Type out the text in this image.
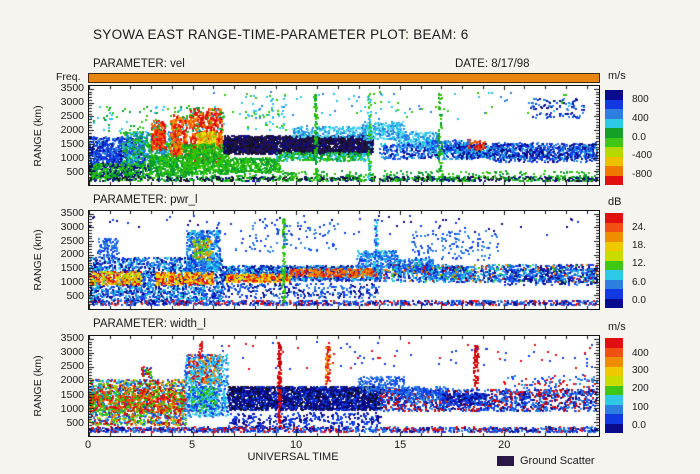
SYOWA EAST RANGE-TIME-PARAMETER PLOT: BEAM: 6
PARAMETER: vel	DATE: 8/17/98
Freq.
PARAMETER: pwr_l
PARAMETER: width_l
UNIVERSAL TIME	Ground Scatter
3500
3000
2500
2000
1500
1000
500
RANGE (km)
800
400
0.0
-400
-800
m/s
3500
3000
2500
2000
1500
1000
500
RANGE (km)
24.
18.
12.
6.0
0.0
dB
3500
3000
2500
2000
1500
1000
500
RANGE (km)
400
300
200
100
0.0
m/s
0	5	10	15	20
